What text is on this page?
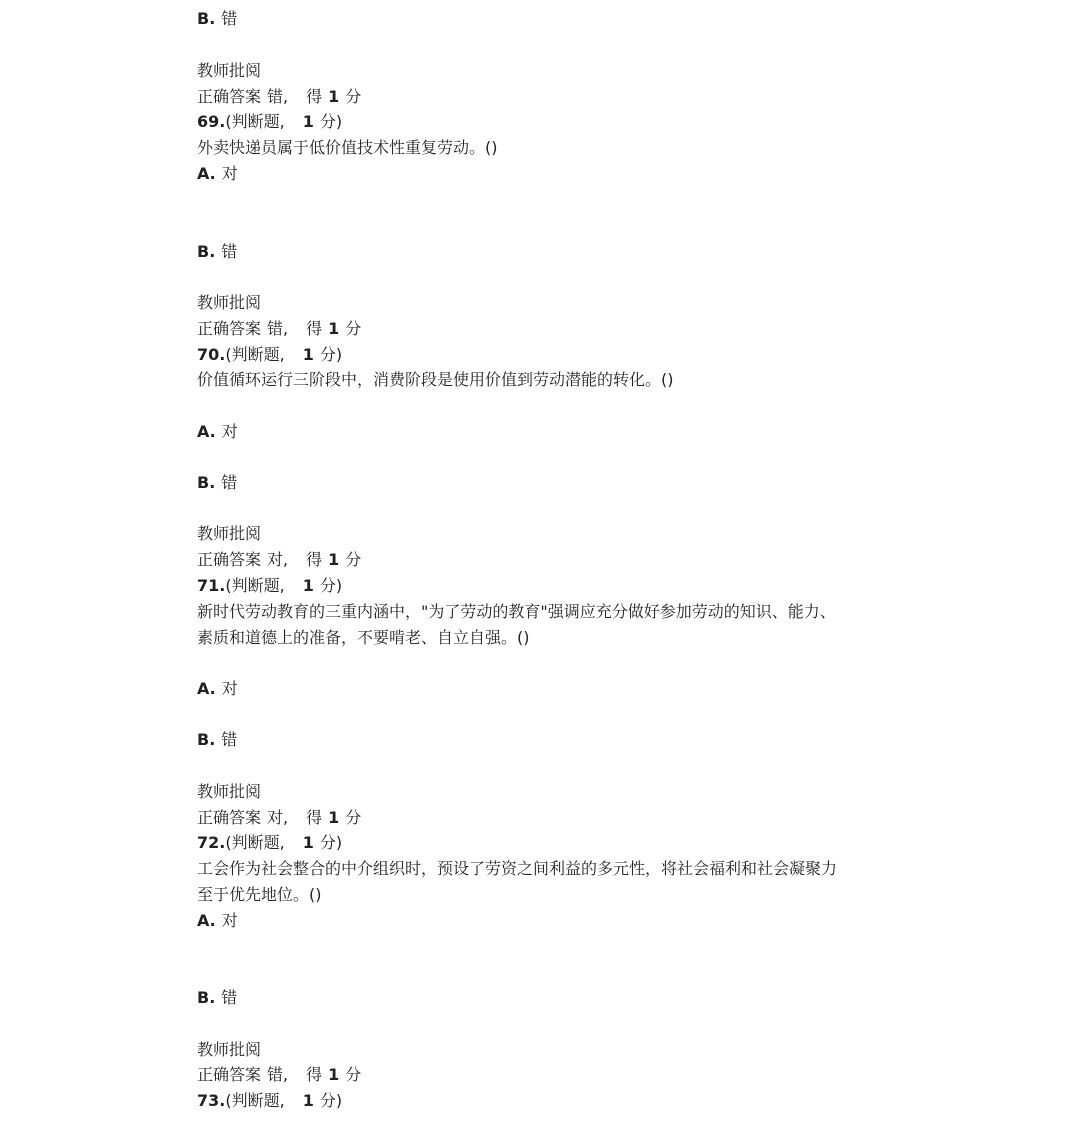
B. 错
教师批阅
正确答案 错, 得 1 分
69.(判断题, 1 分)
外卖快递员属于低价值技术性重复劳动。()
A. 对
B. 错
教师批阅
正确答案 错, 得 1 分
70.(判断题, 1 分)
价值循环运行三阶段中，消费阶段是使用价值到劳动潜能的转化。()
A. 对
B. 错
教师批阅
正确答案 对, 得 1 分
71.(判断题, 1 分)
新时代劳动教育的三重内涵中，"为了劳动的教育"强调应充分做好参加劳动的知识、能力、
素质和道德上的准备，不要啃老、自立自强。()
A. 对
B. 错
教师批阅
正确答案 对, 得 1 分
72.(判断题, 1 分)
工会作为社会整合的中介组织时，预设了劳资之间利益的多元性，将社会福利和社会凝聚力
至于优先地位。()
A. 对
B. 错
教师批阅
正确答案 错, 得 1 分
73.(判断题, 1 分)
